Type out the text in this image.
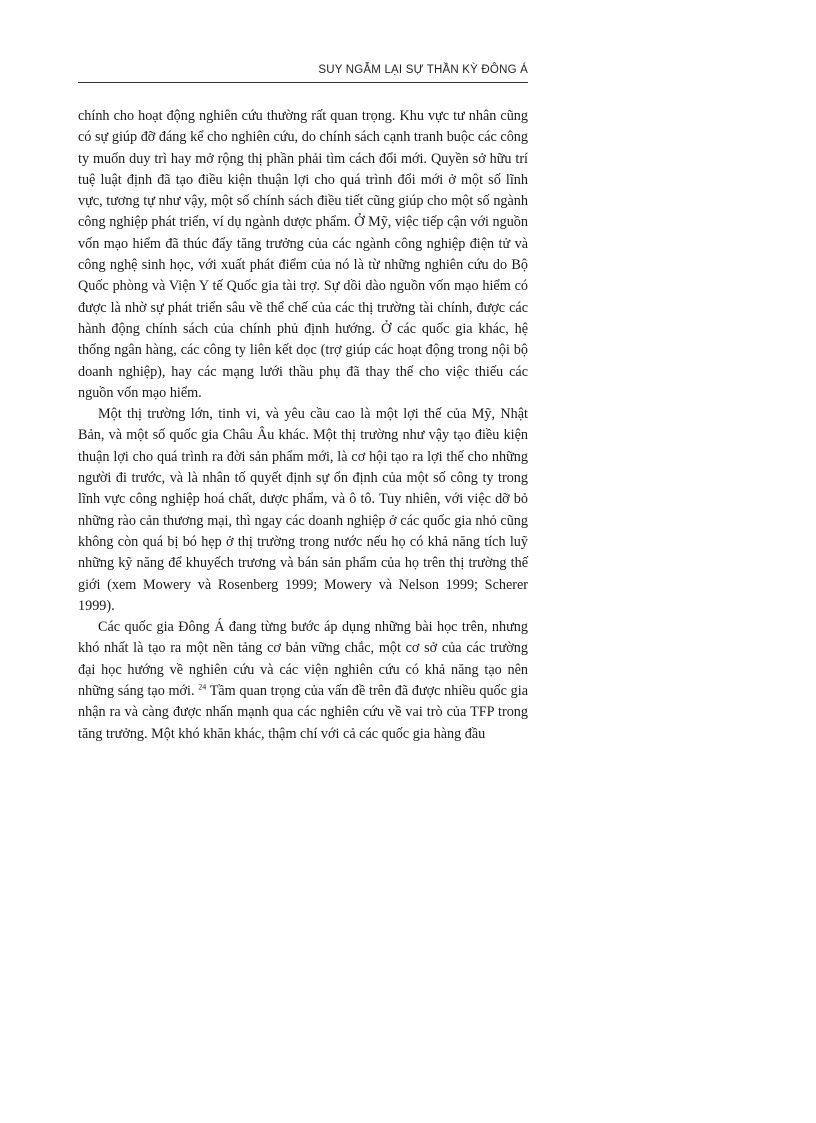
SUY NGẪM LẠI SỰ THẦN KỲ ĐÔNG Á

chính cho hoạt động nghiên cứu thường rất quan trọng. Khu vực tư nhân cũng có sự giúp đỡ đáng kể cho nghiên cứu, do chính sách cạnh tranh buộc các công ty muốn duy trì hay mở rộng thị phần phải tìm cách đổi mới. Quyền sở hữu trí tuệ luật định đã tạo điều kiện thuận lợi cho quá trình đổi mới ở một số lĩnh vực, tương tự như vậy, một số chính sách điều tiết cũng giúp cho một số ngành công nghiệp phát triển, ví dụ ngành dược phẩm. Ở Mỹ, việc tiếp cận với nguồn vốn mạo hiểm đã thúc đẩy tăng trưởng của các ngành công nghiệp điện tử và công nghệ sinh học, với xuất phát điểm của nó là từ những nghiên cứu do Bộ Quốc phòng và Viện Y tế Quốc gia tài trợ. Sự dồi dào nguồn vốn mạo hiểm có được là nhờ sự phát triển sâu về thể chế của các thị trường tài chính, được các hành động chính sách của chính phủ định hướng. Ở các quốc gia khác, hệ thống ngân hàng, các công ty liên kết dọc (trợ giúp các hoạt động trong nội bộ doanh nghiệp), hay các mạng lưới thầu phụ đã thay thế cho việc thiếu các nguồn vốn mạo hiểm.

Một thị trường lớn, tinh vi, và yêu cầu cao là một lợi thế của Mỹ, Nhật Bản, và một số quốc gia Châu Âu khác. Một thị trường như vậy tạo điều kiện thuận lợi cho quá trình ra đời sản phẩm mới, là cơ hội tạo ra lợi thế cho những người đi trước, và là nhân tố quyết định sự ổn định của một số công ty trong lĩnh vực công nghiệp hoá chất, dược phẩm, và ô tô. Tuy nhiên, với việc dỡ bỏ những rào cản thương mại, thì ngay các doanh nghiệp ở các quốc gia nhỏ cũng không còn quá bị bó hẹp ở thị trường trong nước nếu họ có khả năng tích luỹ những kỹ năng để khuyếch trương và bán sản phẩm của họ trên thị trường thế giới (xem Mowery và Rosenberg 1999; Mowery và Nelson 1999; Scherer 1999).

Các quốc gia Đông Á đang từng bước áp dụng những bài học trên, nhưng khó nhất là tạo ra một nền tảng cơ bản vững chắc, một cơ sở của các trường đại học hướng về nghiên cứu và các viện nghiên cứu có khả năng tạo nên những sáng tạo mới. $^{24}$ Tầm quan trọng của vấn đề trên đã được nhiều quốc gia nhận ra và càng được nhấn mạnh qua các nghiên cứu về vai trò của TFP trong tăng trưởng. Một khó khăn khác, thậm chí với cả các quốc gia hàng đầu
